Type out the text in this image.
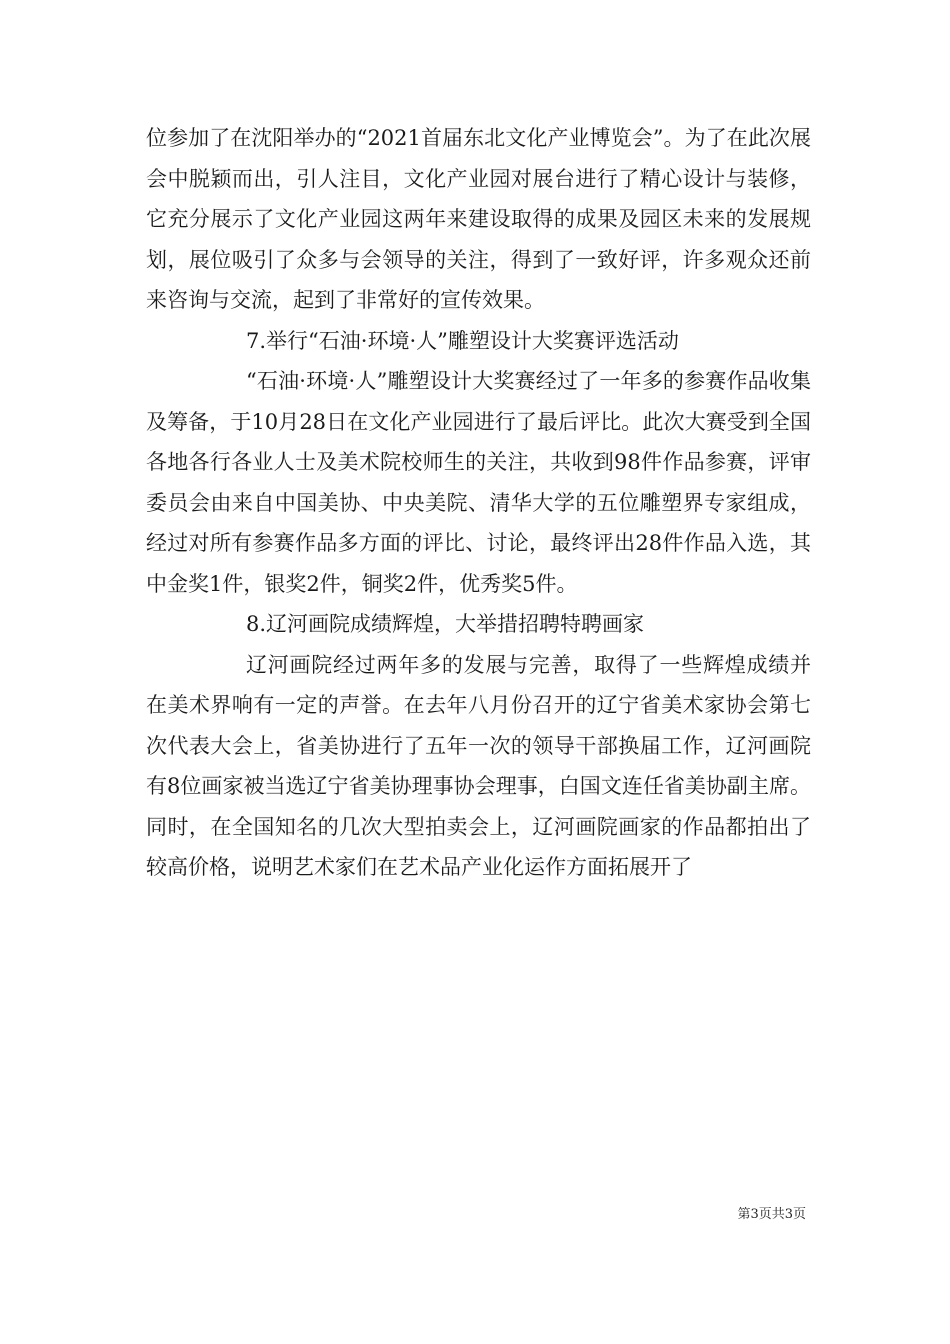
位参加了在沈阳举办的“2021首届东北文化产业博览会”。为了在此次展会中脱颖而出，引人注目，文化产业园对展台进行了精心设计与装修，它充分展示了文化产业园这两年来建设取得的成果及园区未来的发展规划，展位吸引了众多与会领导的关注，得到了一致好评，许多观众还前来咨询与交流，起到了非常好的宣传效果。

7.举行“石油·环境·人”雕塑设计大奖赛评选活动

“石油·环境·人”雕塑设计大奖赛经过了一年多的参赛作品收集及筹备，于10月28日在文化产业园进行了最后评比。此次大赛受到全国各地各行各业人士及美术院校师生的关注，共收到98件作品参赛，评审委员会由来自中国美协、中央美院、清华大学的五位雕塑界专家组成，经过对所有参赛作品多方面的评比、讨论，最终评出28件作品入选，其中金奖1件，银奖2件，铜奖2件，优秀奖5件。

8.辽河画院成绩辉煌，大举措招聘特聘画家

辽河画院经过两年多的发展与完善，取得了一些辉煌成绩并在美术界响有一定的声誉。在去年八月份召开的辽宁省美术家协会第七次代表大会上，省美协进行了五年一次的领导干部换届工作，辽河画院有8位画家被当选辽宁省美协理事协会理事，白国文连任省美协副主席。同时，在全国知名的几次大型拍卖会上，辽河画院画家的作品都拍出了较高价格，说明艺术家们在艺术品产业化运作方面拓展开了

第3页共3页
